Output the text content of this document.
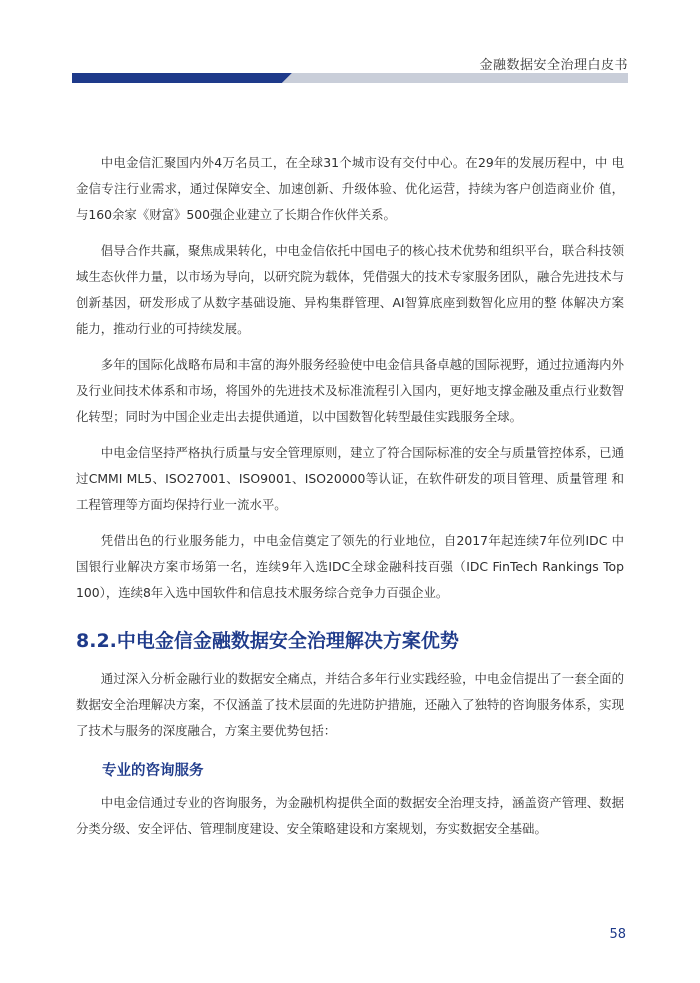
金融数据安全治理白皮书

中电金信汇聚国内外4万名员工，在全球31个城市设有交付中心。在29年的发展历程中，中 电金信专注行业需求，通过保障安全、加速创新、升级体验、优化运营，持续为客户创造商业价 值，与160余家《财富》500强企业建立了长期合作伙伴关系。

倡导合作共赢，聚焦成果转化，中电金信依托中国电子的核心技术优势和组织平台，联合科技领域生态伙伴力量，以市场为导向，以研究院为载体，凭借强大的技术专家服务团队，融合先进技术与创新基因，研发形成了从数字基础设施、异构集群管理、AI智算底座到数智化应用的整 体解决方案能力，推动行业的可持续发展。

多年的国际化战略布局和丰富的海外服务经验使中电金信具备卓越的国际视野，通过拉通海内外及行业间技术体系和市场，将国外的先进技术及标准流程引入国内，更好地支撑金融及重点行业数智化转型；同时为中国企业走出去提供通道，以中国数智化转型最佳实践服务全球。

中电金信坚持严格执行质量与安全管理原则，建立了符合国际标准的安全与质量管控体系，已通过CMMI ML5、ISO27001、ISO9001、ISO20000等认证，在软件研发的项目管理、质量管理 和工程管理等方面均保持行业一流水平。

凭借出色的行业服务能力，中电金信奠定了领先的行业地位，自2017年起连续7年位列IDC 中国银行业解决方案市场第一名，连续9年入选IDC全球金融科技百强（IDC FinTech Rankings Top 100），连续8年入选中国软件和信息技术服务综合竞争力百强企业。

8.2.中电金信金融数据安全治理解决方案优势

通过深入分析金融行业的数据安全痛点，并结合多年行业实践经验，中电金信提出了一套全面的数据安全治理解决方案，不仅涵盖了技术层面的先进防护措施，还融入了独特的咨询服务体系，实现了技术与服务的深度融合，方案主要优势包括：

专业的咨询服务

中电金信通过专业的咨询服务，为金融机构提供全面的数据安全治理支持，涵盖资产管理、数据分类分级、安全评估、管理制度建设、安全策略建设和方案规划，夯实数据安全基础。

58
